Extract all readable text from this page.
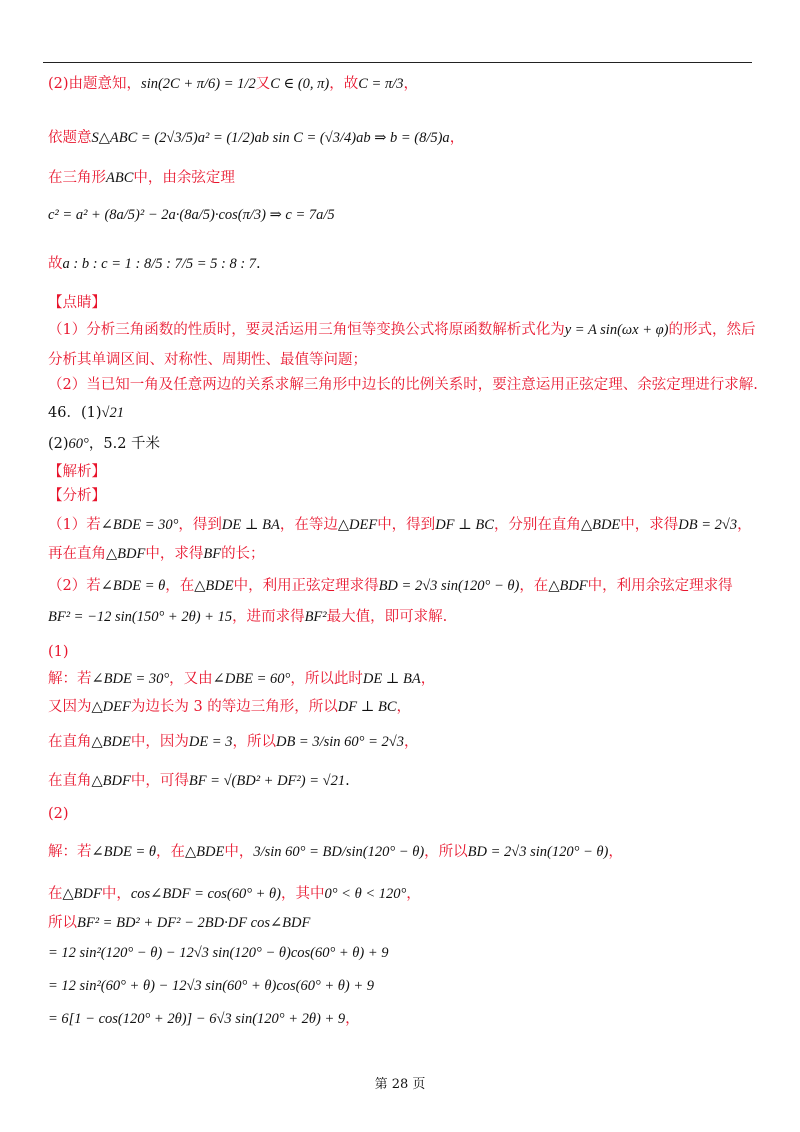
(2)由题意知，sin(2C + π/6) = 1/2又C ∈ (0, π)，故C = π/3，
依题意S△ABC = (2√3/5)a² = (1/2)ab sin C = (√3/4)ab ⇒ b = (8/5)a，
在三角形ABC中，由余弦定理
c² = a² + (8a/5)² − 2a·(8a/5)·cos(π/3) ⇒ c = 7a/5
故a : b : c = 1 : 8/5 : 7/5 = 5 : 8 : 7.
【点睛】
（1）分析三角函数的性质时，要灵活运用三角恒等变换公式将原函数解析式化为y = A sin(ωx + φ)的形式，然后
分析其单调区间、对称性、周期性、最值等问题；
（2）当已知一角及任意两边的关系求解三角形中边长的比例关系时，要注意运用正弦定理、余弦定理进行求解.
46．(1)√21
(2)60°，5.2 千米
【解析】
【分析】
（1）若∠BDE = 30°，得到DE ⊥ BA，在等边△DEF中，得到DF ⊥ BC，分别在直角△BDE中，求得DB = 2√3，
再在直角△BDF中，求得BF的长；
（2）若∠BDE = θ，在△BDE中，利用正弦定理求得BD = 2√3 sin(120° − θ)，在△BDF中，利用余弦定理求得
BF² = −12 sin(150° + 2θ) + 15，进而求得BF²最大值，即可求解.
(1)
解：若∠BDE = 30°，又由∠DBE = 60°，所以此时DE ⊥ BA，
又因为△DEF为边长为 3 的等边三角形，所以DF ⊥ BC，
在直角△BDE中，因为DE = 3，所以DB = 3/sin 60° = 2√3，
在直角△BDF中，可得BF = √(BD² + DF²) = √21.
(2)
解：若∠BDE = θ，在△BDE中，3/sin 60° = BD/sin(120° − θ)，所以BD = 2√3 sin(120° − θ)，
在△BDF中，cos∠BDF = cos(60° + θ)，其中0° < θ < 120°，
所以BF² = BD² + DF² − 2BD·DF cos∠BDF
= 12 sin²(120° − θ) − 12√3 sin(120° − θ)cos(60° + θ) + 9
= 12 sin²(60° + θ) − 12√3 sin(60° + θ)cos(60° + θ) + 9
= 6[1 − cos(120° + 2θ)] − 6√3 sin(120° + 2θ) + 9，
第 28 页
